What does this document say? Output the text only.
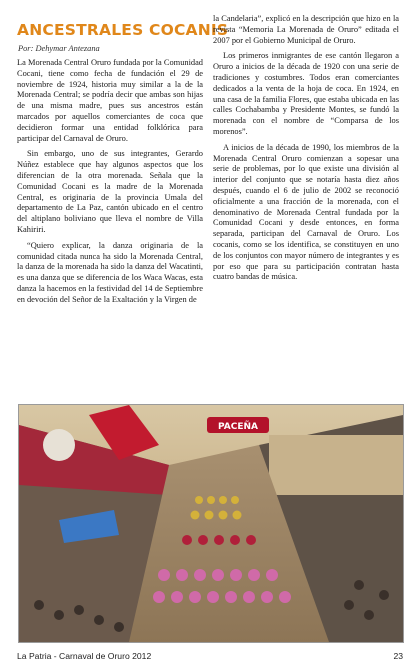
ANCESTRALES COCANIS
Por: Dehymar Antezana

La Morenada Central Oruro fundada por la Comunidad Cocani, tiene como fecha de fundación el 29 de noviembre de 1924, historia muy similar a la de la Morenada Central; se podría decir que ambas son hijas de una misma madre, pues sus ancestros están marcados por aquellos comerciantes de coca que decidieron formar una entidad folklórica para participar del Carnaval de Oruro.

Sin embargo, uno de sus integrantes, Gerardo Núñez establece que hay algunos aspectos que los diferencian de la otra morenada. Señala que la Comunidad Cocani es la madre de la Morenada Central, es originaria de la provincia Umala del departamento de La Paz, cantón ubicado en el centro del altiplano boliviano que lleva el nombre de Villa Kahiriri.

“Quiero explicar, la danza originaria de la comunidad citada nunca ha sido la Morenada Central, la danza de la morenada ha sido la danza del Wacatinti, es una danza que se diferencia de los Waca Wacas, esta danza la hacemos en la festividad del 14 de Septiembre en devoción del Señor de la Exaltación y la Virgen de

la Candelaria”, explicó en la descripción que hizo en la revista “Memoria La Morenada de Oruro” editada el 2007 por el Gobierno Municipal de Oruro.

Los primeros inmigrantes de ese cantón llegaron a Oruro a inicios de la década de 1920 con una serie de tradiciones y costumbres. Todos eran comerciantes dedicados a la venta de la hoja de coca. En 1924, en una casa de la familia Flores, que estaba ubicada en las calles Cochabamba y Presidente Montes, se fundó la morenada con el nombre de “Comparsa de los morenos”.

A inicios de la década de 1990, los miembros de la Morenada Central Oruro comienzan a sopesar una serie de problemas, por lo que existe una división al interior del conjunto que se notaría hasta diez años después, cuando el 6 de julio de 2002 se reconoció oficialmente a una fracción de la morenada, con el denominativo de Morenada Central fundada por la Comunidad Cocani y desde entonces, en forma separada, participan del Carnaval de Oruro. Los cocanis, como se los identifica, se constituyen en uno de los conjuntos con mayor número de integrantes y es por eso que para su participación contratan hasta cuatro bandas de música.

PACEÑA
La Patria - Carnaval de Oruro 2012	23
